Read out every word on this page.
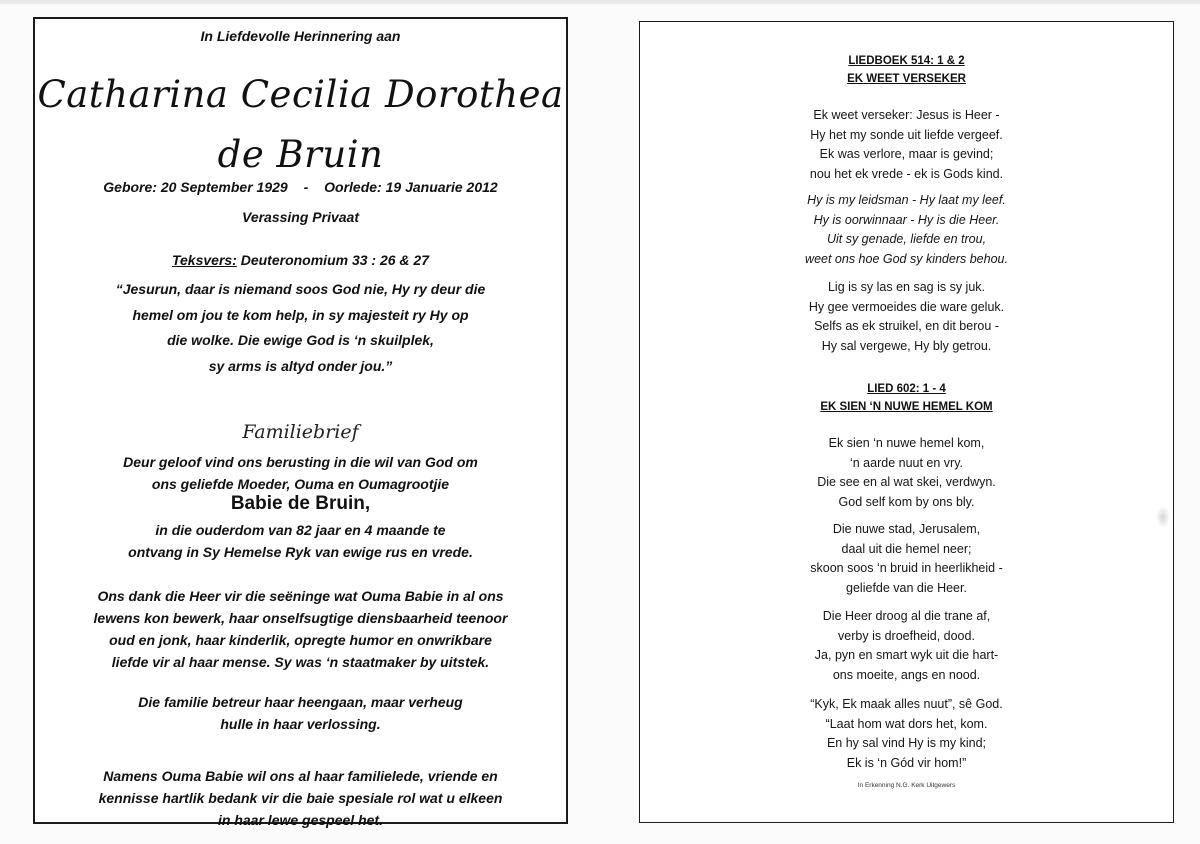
In Liefdevolle Herinnering aan
Catharina Cecilia Dorothea
de Bruin
Gebore: 20 September 1929 - Oorlede: 19 Januarie 2012
Verassing Privaat
Teksvers: Deuteronomium 33 : 26 & 27
“Jesurun, daar is niemand soos God nie, Hy ry deur die
hemel om jou te kom help, in sy majesteit ry Hy op
die wolke. Die ewige God is ‘n skuilplek,
sy arms is altyd onder jou.”
Familiebrief
Deur geloof vind ons berusting in die wil van God om
ons geliefde Moeder, Ouma en Oumagrootjie
Babie de Bruin,
in die ouderdom van 82 jaar en 4 maande te
ontvang in Sy Hemelse Ryk van ewige rus en vrede.
Ons dank die Heer vir die seëninge wat Ouma Babie in al ons
lewens kon bewerk, haar onselfsugtige diensbaarheid teenoor
oud en jonk, haar kinderlik, opregte humor en onwrikbare
liefde vir al haar mense. Sy was ‘n staatmaker by uitstek.
Die familie betreur haar heengaan, maar verheug
hulle in haar verlossing.
Namens Ouma Babie wil ons al haar familielede, vriende en
kennisse hartlik bedank vir die baie spesiale rol wat u elkeen
in haar lewe gespeel het.
LIEDBOEK 514: 1 & 2
EK WEET VERSEKER
Ek weet verseker: Jesus is Heer -
Hy het my sonde uit liefde vergeef.
Ek was verlore, maar is gevind;
nou het ek vrede - ek is Gods kind.
Hy is my leidsman - Hy laat my leef.
Hy is oorwinnaar - Hy is die Heer.
Uit sy genade, liefde en trou,
weet ons hoe God sy kinders behou.
Lig is sy las en sag is sy juk.
Hy gee vermoeides die ware geluk.
Selfs as ek struikel, en dit berou -
Hy sal vergewe, Hy bly getrou.
LIED 602: 1 - 4
EK SIEN ‘N NUWE HEMEL KOM
Ek sien ‘n nuwe hemel kom,
‘n aarde nuut en vry.
Die see en al wat skei, verdwyn.
God self kom by ons bly.
Die nuwe stad, Jerusalem,
daal uit die hemel neer;
skoon soos ‘n bruid in heerlikheid -
geliefde van die Heer.
Die Heer droog al die trane af,
verby is droefheid, dood.
Ja, pyn en smart wyk uit die hart-
ons moeite, angs en nood.
“Kyk, Ek maak alles nuut”, sê God.
“Laat hom wat dors het, kom.
En hy sal vind Hy is my kind;
Ek is ‘n Gód vir hom!”
In Erkenning N.G. Kerk Uitgewers
